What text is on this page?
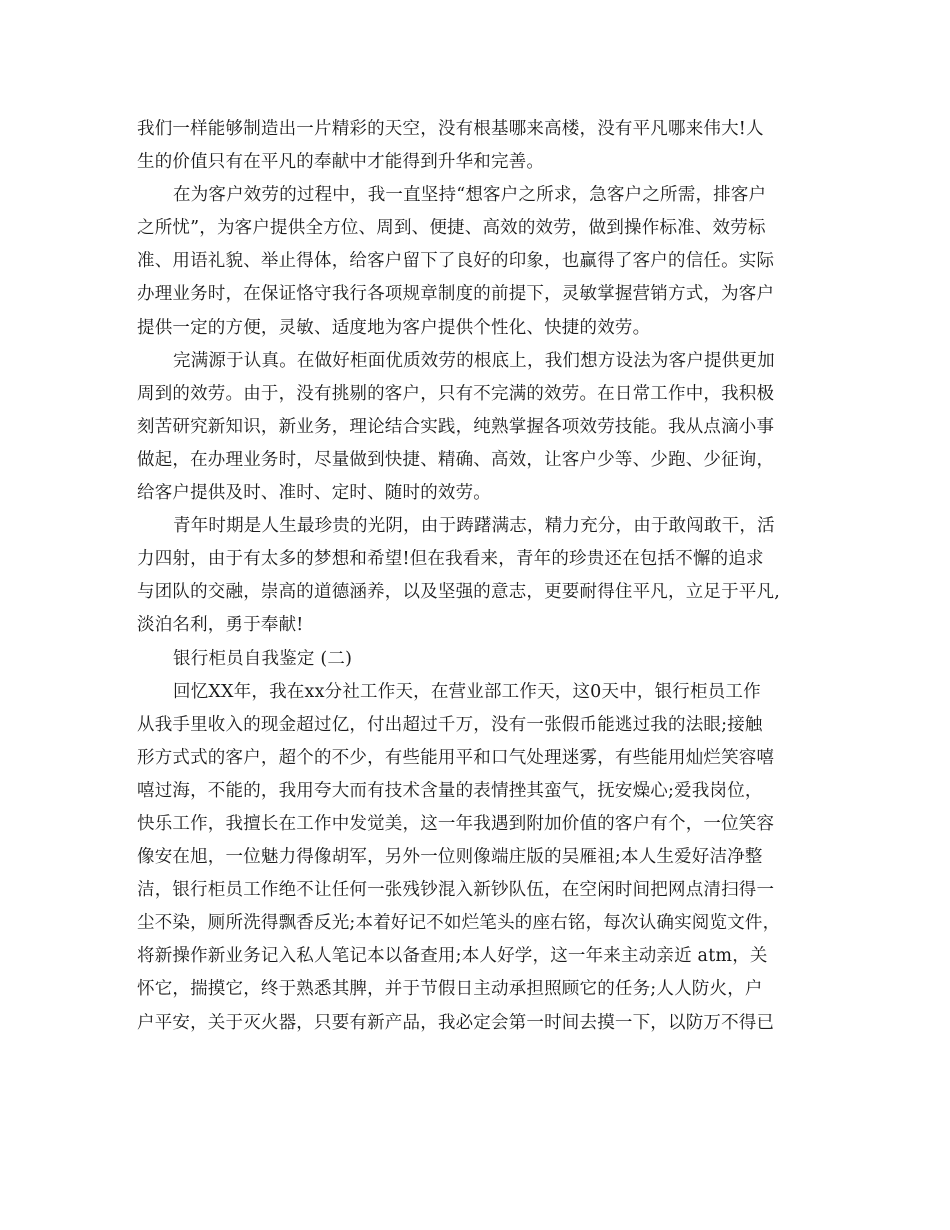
我们一样能够制造出一片精彩的天空，没有根基哪来高楼，没有平凡哪来伟大!人
生的价值只有在平凡的奉献中才能得到升华和完善。
在为客户效劳的过程中，我一直坚持“想客户之所求，急客户之所需，排客户
之所忧”，为客户提供全方位、周到、便捷、高效的效劳，做到操作标准、效劳标
准、用语礼貌、举止得体，给客户留下了良好的印象，也赢得了客户的信任。实际
办理业务时，在保证恪守我行各项规章制度的前提下，灵敏掌握营销方式，为客户
提供一定的方便，灵敏、适度地为客户提供个性化、快捷的效劳。
完满源于认真。在做好柜面优质效劳的根底上，我们想方设法为客户提供更加
周到的效劳。由于，没有挑剔的客户，只有不完满的效劳。在日常工作中，我积极
刻苦研究新知识，新业务，理论结合实践，纯熟掌握各项效劳技能。我从点滴小事
做起，在办理业务时，尽量做到快捷、精确、高效，让客户少等、少跑、少征询，
给客户提供及时、准时、定时、随时的效劳。
青年时期是人生最珍贵的光阴，由于踌躇满志，精力充分，由于敢闯敢干，活
力四射，由于有太多的梦想和希望!但在我看来，青年的珍贵还在包括不懈的追求
与团队的交融，崇高的道德涵养，以及坚强的意志，更要耐得住平凡，立足于平凡,
淡泊名利，勇于奉献!
银行柜员自我鉴定 (二)
回忆XX年，我在xx分社工作天，在营业部工作天，这0天中，银行柜员工作
从我手里收入的现金超过亿，付出超过千万，没有一张假币能逃过我的法眼;接触
形方式式的客户，超个的不少，有些能用平和口气处理迷雾，有些能用灿烂笑容嘻
嘻过海，不能的，我用夸大而有技术含量的表情挫其蛮气，抚安燥心;爱我岗位，
快乐工作，我擅长在工作中发觉美，这一年我遇到附加价值的客户有个，一位笑容
像安在旭，一位魅力得像胡军，另外一位则像端庄版的吴雁祖;本人生爱好洁净整
洁，银行柜员工作绝不让任何一张残钞混入新钞队伍，在空闲时间把网点清扫得一
尘不染，厕所洗得飘香反光;本着好记不如烂笔头的座右铭，每次认确实阅览文件，
将新操作新业务记入私人笔记本以备查用;本人好学，这一年来主动亲近 atm，关
怀它，揣摸它，终于熟悉其脾，并于节假日主动承担照顾它的任务;人人防火，户
户平安，关于灭火器，只要有新产品，我必定会第一时间去摸一下，以防万不得已
